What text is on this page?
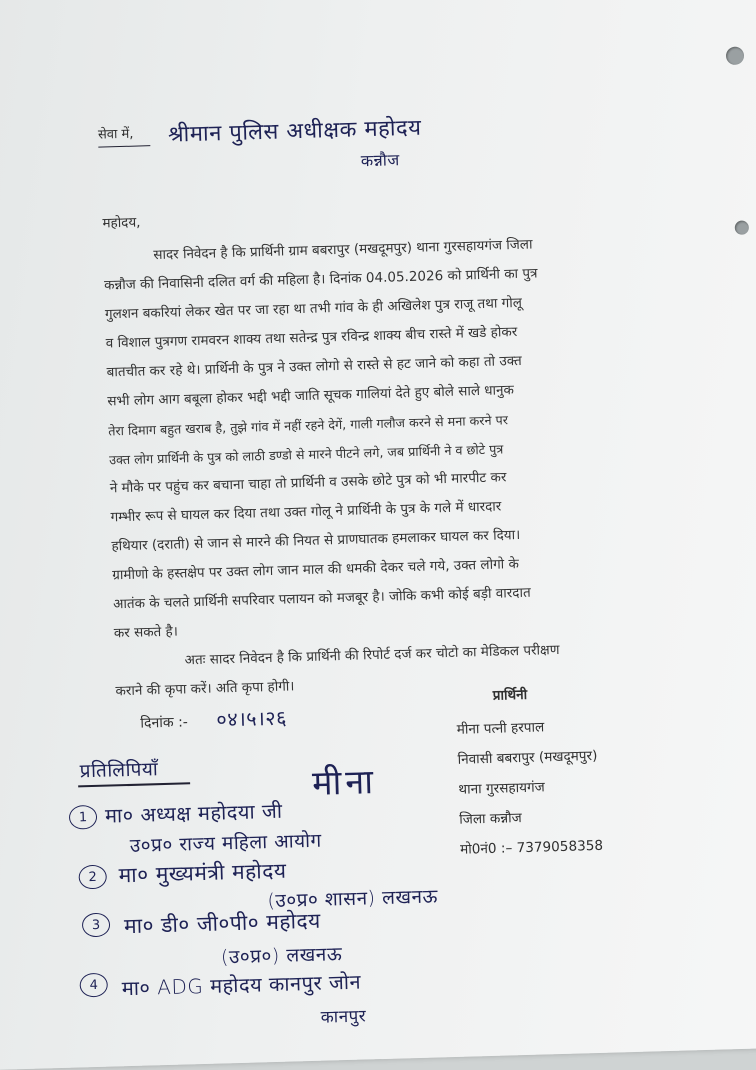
सेवा में, श्रीमान पुलिस अधीक्षक महोदय
कन्नौज
महोदय,
सादर निवेदन है कि प्रार्थिनी ग्राम बबरापुर (मखदूमपुर) थाना गुरसहायगंज जिला
कन्नौज की निवासिनी दलित वर्ग की महिला है। दिनांक 04.05.2026 को प्रार्थिनी का पुत्र
गुलशन बकरियां लेकर खेत पर जा रहा था तभी गांव के ही अखिलेश पुत्र राजू तथा गोलू
व विशाल पुत्रगण रामवरन शाक्य तथा सतेन्द्र पुत्र रविन्द्र शाक्य बीच रास्ते में खडे होकर
बातचीत कर रहे थे। प्रार्थिनी के पुत्र ने उक्त लोगो से रास्ते से हट जाने को कहा तो उक्त
सभी लोग आग बबूला होकर भद्दी भद्दी जाति सूचक गालियां देते हुए बोले साले धानुक
तेरा दिमाग बहुत खराब है, तुझे गांव में नहीं रहने देगें, गाली गलौज करने से मना करने पर
उक्त लोग प्रार्थिनी के पुत्र को लाठी डण्डो से मारने पीटने लगे, जब प्रार्थिनी ने व छोटे पुत्र
ने मौके पर पहुंच कर बचाना चाहा तो प्रार्थिनी व उसके छोटे पुत्र को भी मारपीट कर
गम्भीर रूप से घायल कर दिया तथा उक्त गोलू ने प्रार्थिनी के पुत्र के गले में धारदार
हथियार (दराती) से जान से मारने की नियत से प्राणघातक हमलाकर घायल कर दिया।
ग्रामीणो के हस्तक्षेप पर उक्त लोग जान माल की धमकी देकर चले गये, उक्त लोगो के
आतंक के चलते प्रार्थिनी सपरिवार पलायन को मजबूर है। जोकि कभी कोई बड़ी वारदात
कर सकते है।
अतः सादर निवेदन है कि प्रार्थिनी की रिपोर्ट दर्ज कर चोटो का मेडिकल परीक्षण
कराने की कृपा करें। अति कृपा होगी।
दिनांक :- ०४।५।२६
प्रार्थिनी
मीना पत्नी हरपाल
निवासी बबरापुर (मखदूमपुर)
थाना गुरसहायगंज
जिला कन्नौज
मो0नं0 :– 7379058358
मीना
प्रतिलिपियाँ
1 मा० अध्यक्ष महोदया जी
उ०प्र० राज्य महिला आयोग
2 मा० मुख्यमंत्री महोदय
(उ०प्र० शासन) लखनऊ
3 मा० डी० जी०पी० महोदय
(उ०प्र०) लखनऊ
4 मा० ADG महोदय कानपुर जोन
कानपुर
